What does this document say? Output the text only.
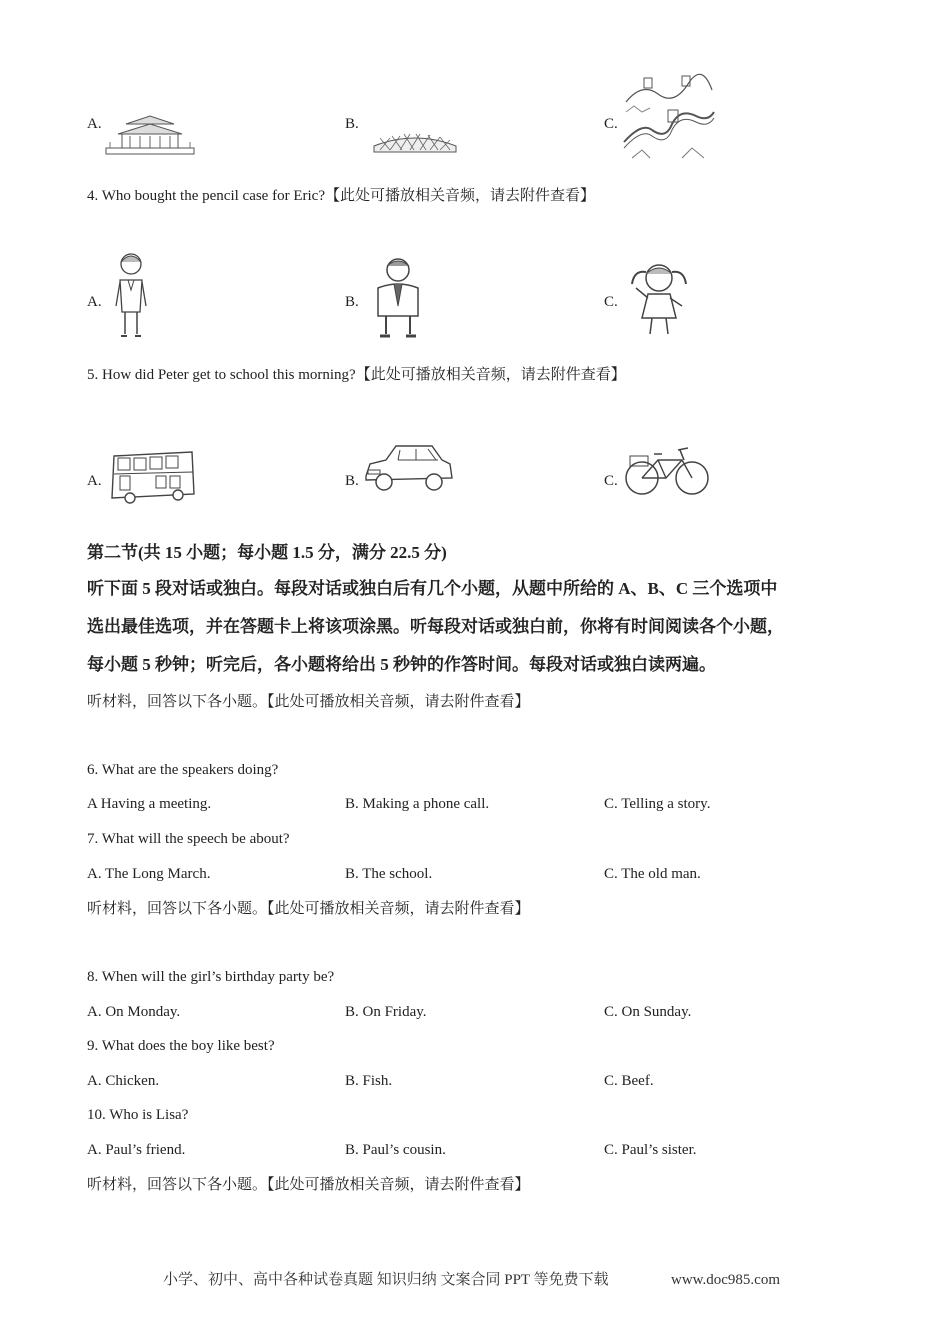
A.	B.	C.
4. Who bought the pencil case for Eric?【此处可播放相关音频，请去附件查看】
A.	B.	C.
5. How did Peter get to school this morning?【此处可播放相关音频，请去附件查看】
A.	B.	C.
第二节(共 15 小题；每小题 1.5 分，满分 22.5 分)
听下面 5 段对话或独白。每段对话或独白后有几个小题，从题中所给的 A、B、C 三个选项中
选出最佳选项，并在答题卡上将该项涂黑。听每段对话或独白前，你将有时间阅读各个小题，
每小题 5 秒钟；听完后，各小题将给出 5 秒钟的作答时间。每段对话或独白读两遍。
听材料，回答以下各小题。【此处可播放相关音频，请去附件查看】
6. What are the speakers doing?
A Having a meeting.	B. Making a phone call.	C. Telling a story.
7. What will the speech be about?
A. The Long March.	B. The school.	C. The old man.
听材料，回答以下各小题。【此处可播放相关音频，请去附件查看】
8. When will the girl’s birthday party be?
A. On Monday.	B. On Friday.	C. On Sunday.
9. What does the boy like best?
A. Chicken.	B. Fish.	C. Beef.
10. Who is Lisa?
A. Paul’s friend.	B. Paul’s cousin.	C. Paul’s sister.
听材料，回答以下各小题。【此处可播放相关音频，请去附件查看】
小学、初中、高中各种试卷真题 知识归纳 文案合同 PPT 等免费下载	www.doc985.com
